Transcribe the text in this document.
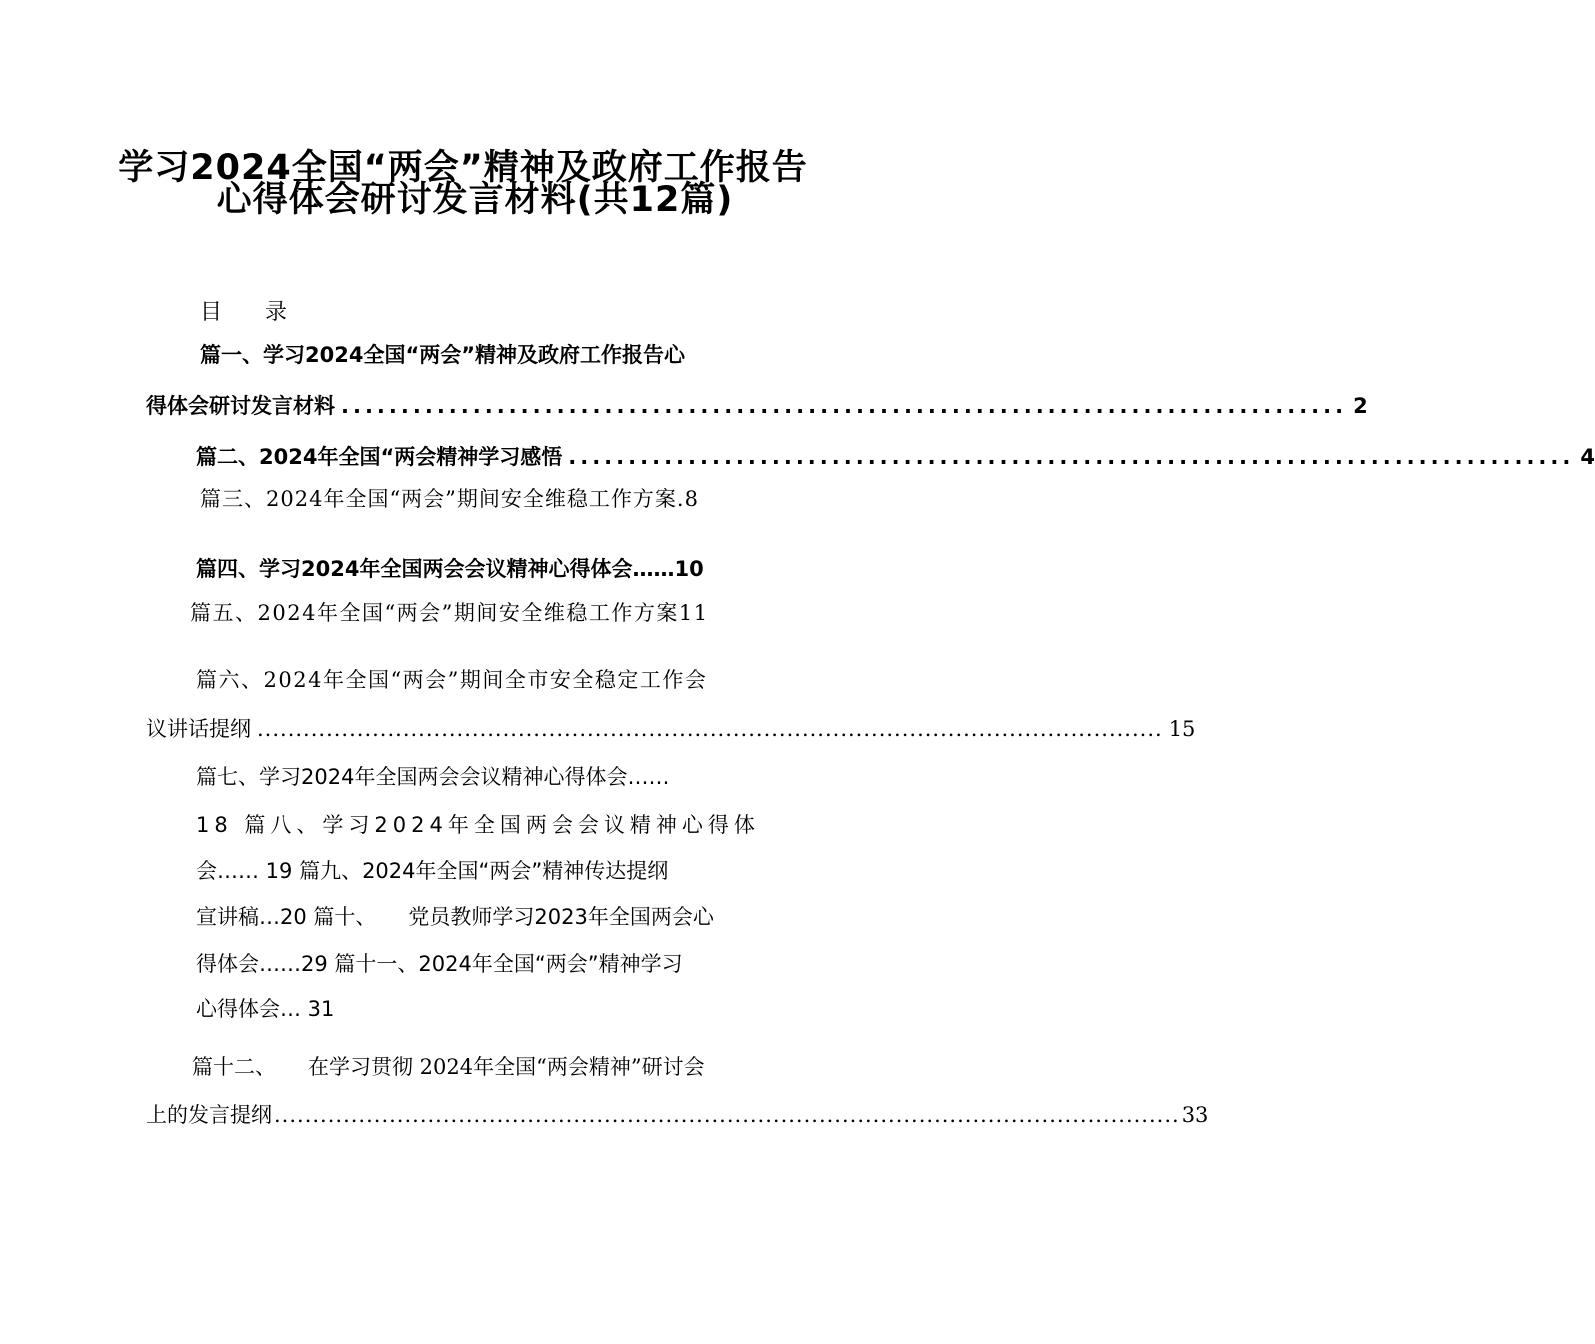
学习2024全国“两会”精神及政府工作报告
心得体会研讨发言材料(共12篇)
目 录
篇一、学习2024全国“两会”精神及政府工作报告心
得体会研讨发言材料 .................................................................................... 2
篇二、 2024年全国“两会精神学习感悟 .................................................................................... 4
篇三、2024年全国“两会”期间安全维稳工作方案. 8
篇四、学习2024年全国两会会议精神心得体会…… 10
篇五、2024年全国“两会”期间安全维稳工作方案 11
篇六、2024年全国“两会”期间全市安全稳定工作会
议讲话提纲 ...................................................................................................................... 15
篇七、学习2024年全国两会会议精神心得体会……
18 篇八、学习2024年全国两会会议精神心得体
会…… 19 篇九、2024年全国“两会”精神传达提纲
宣讲稿…20 篇十、 党员教师学习2023年全国两会心
得体会……29 篇十一、2024年全国“两会”精神学习
心得体会… 31
篇十二、 在学习贯彻 2024年全国“两会精神”研讨会
上的发言提纲 ...................................................................................................................... 33
